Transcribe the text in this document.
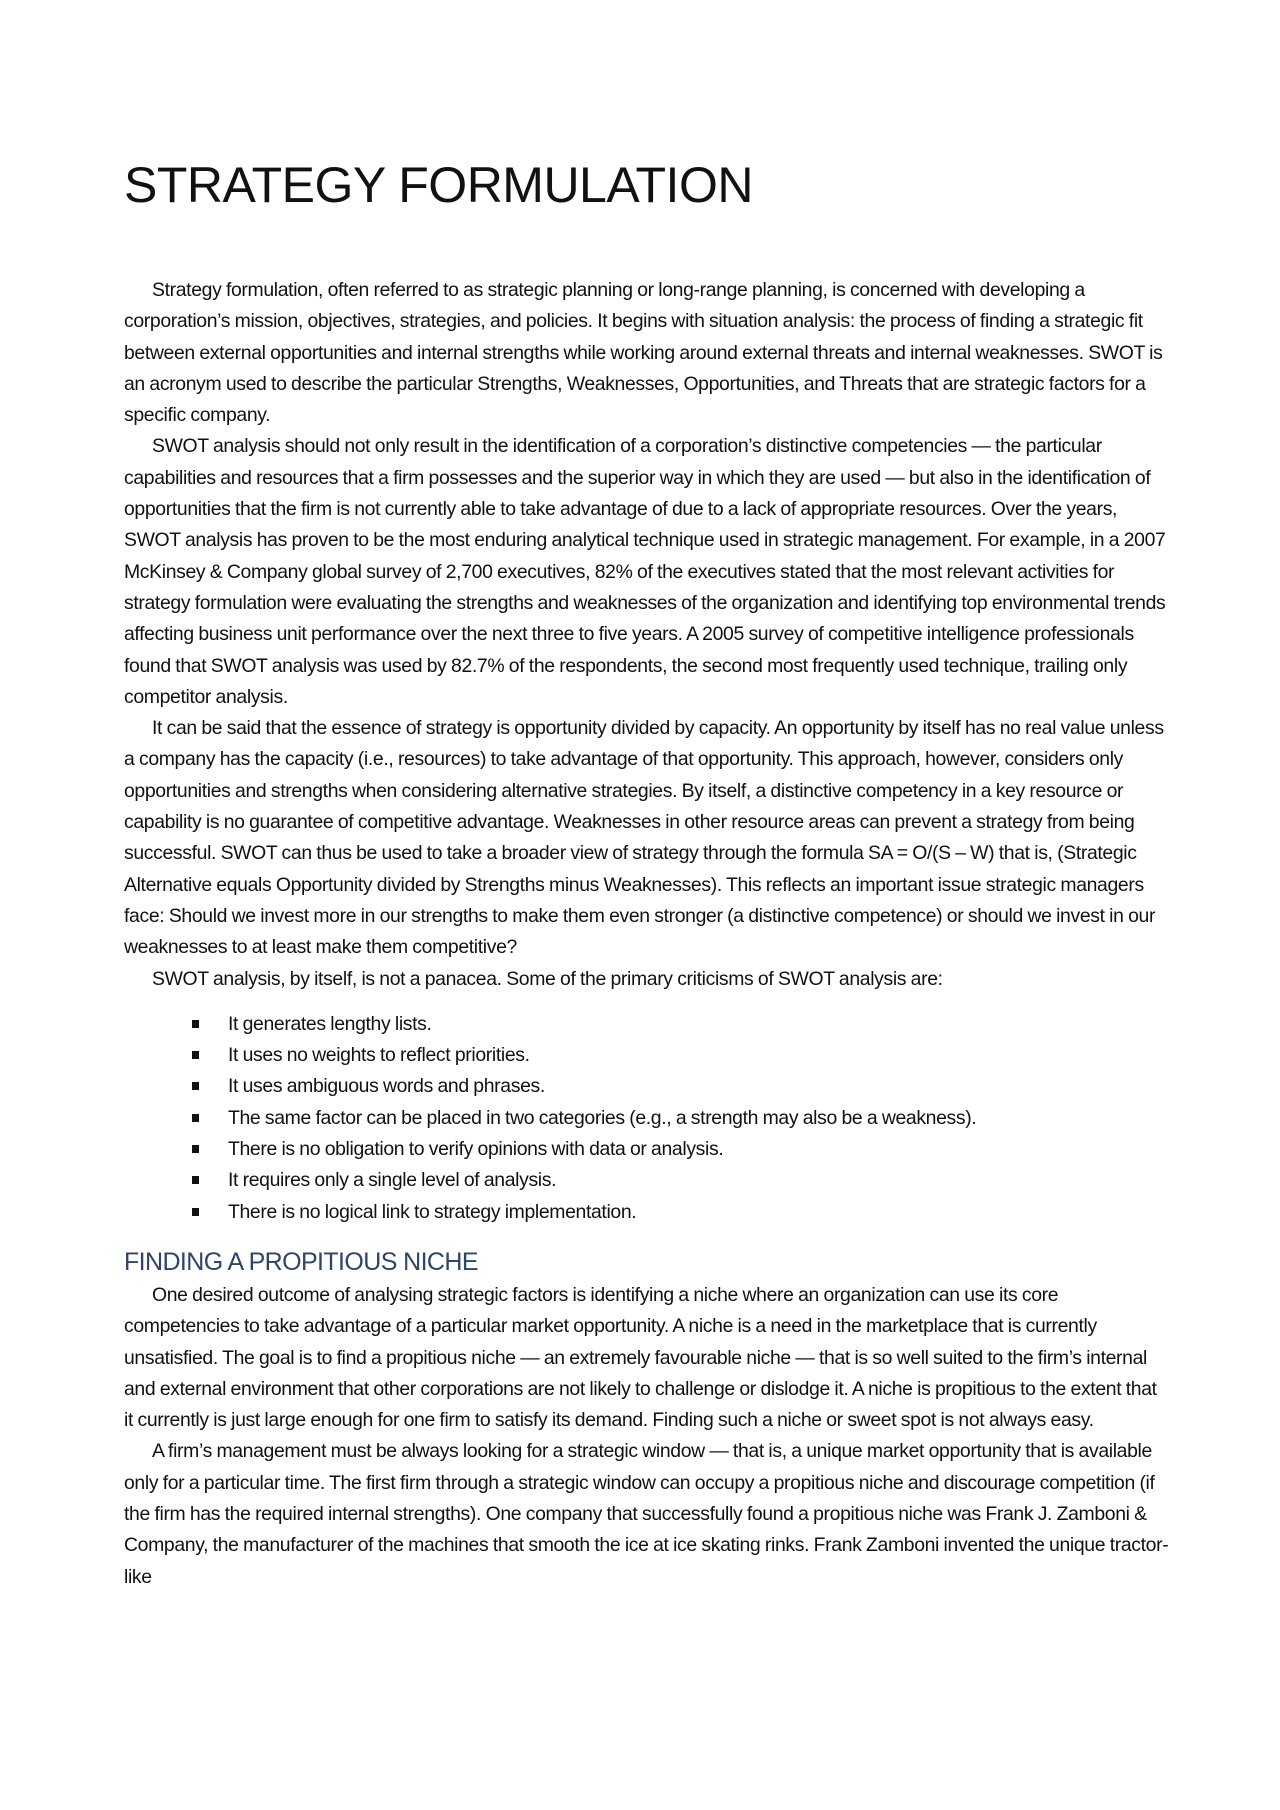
STRATEGY FORMULATION

Strategy formulation, often referred to as strategic planning or long-range planning, is concerned with developing a corporation’s mission, objectives, strategies, and policies. It begins with situation analysis: the process of finding a strategic fit between external opportunities and internal strengths while working around external threats and internal weaknesses. SWOT is an acronym used to describe the particular Strengths, Weaknesses, Opportunities, and Threats that are strategic factors for a specific company.

SWOT analysis should not only result in the identification of a corporation’s distinctive competencies — the particular capabilities and resources that a firm possesses and the superior way in which they are used — but also in the identification of opportunities that the firm is not currently able to take advantage of due to a lack of appropriate resources. Over the years, SWOT analysis has proven to be the most enduring analytical technique used in strategic management. For example, in a 2007 McKinsey & Company global survey of 2,700 executives, 82% of the executives stated that the most relevant activities for strategy formulation were evaluating the strengths and weaknesses of the organization and identifying top environmental trends affecting business unit performance over the next three to five years. A 2005 survey of competitive intelligence professionals found that SWOT analysis was used by 82.7% of the respondents, the second most frequently used technique, trailing only competitor analysis.

It can be said that the essence of strategy is opportunity divided by capacity. An opportunity by itself has no real value unless a company has the capacity (i.e., resources) to take advantage of that opportunity. This approach, however, considers only opportunities and strengths when considering alternative strategies. By itself, a distinctive competency in a key resource or capability is no guarantee of competitive advantage. Weaknesses in other resource areas can prevent a strategy from being successful. SWOT can thus be used to take a broader view of strategy through the formula SA = O/(S – W) that is, (Strategic Alternative equals Opportunity divided by Strengths minus Weaknesses). This reflects an important issue strategic managers face: Should we invest more in our strengths to make them even stronger (a distinctive competence) or should we invest in our weaknesses to at least make them competitive?

SWOT analysis, by itself, is not a panacea. Some of the primary criticisms of SWOT analysis are:

It generates lengthy lists.
It uses no weights to reflect priorities.
It uses ambiguous words and phrases.
The same factor can be placed in two categories (e.g., a strength may also be a weakness).
There is no obligation to verify opinions with data or analysis.
It requires only a single level of analysis.
There is no logical link to strategy implementation.
FINDING A PROPITIOUS NICHE

One desired outcome of analysing strategic factors is identifying a niche where an organization can use its core competencies to take advantage of a particular market opportunity. A niche is a need in the marketplace that is currently unsatisfied. The goal is to find a propitious niche — an extremely favourable niche — that is so well suited to the firm’s internal and external environment that other corporations are not likely to challenge or dislodge it. A niche is propitious to the extent that it currently is just large enough for one firm to satisfy its demand. Finding such a niche or sweet spot is not always easy.

A firm’s management must be always looking for a strategic window — that is, a unique market opportunity that is available only for a particular time. The first firm through a strategic window can occupy a propitious niche and discourage competition (if the firm has the required internal strengths). One company that successfully found a propitious niche was Frank J. Zamboni & Company, the manufacturer of the machines that smooth the ice at ice skating rinks. Frank Zamboni invented the unique tractor-like
